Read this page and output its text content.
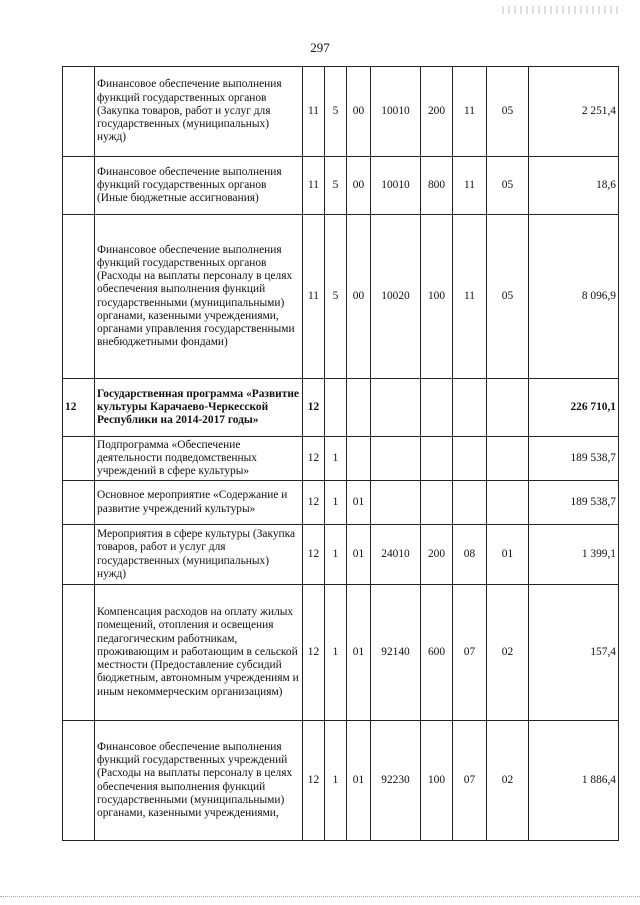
297
	Финансовое обеспечение выполнения функций государственных органов (Закупка товаров, работ и услуг для государственных (муниципальных) нужд)	11	5	00	10010	200	11	05	2 251,4
	Финансовое обеспечение выполнения функций государственных органов (Иные бюджетные ассигнования)	11	5	00	10010	800	11	05	18,6
	Финансовое обеспечение выполнения функций государственных органов (Расходы на выплаты персоналу в целях обеспечения выполнения функций государственными (муниципальными) органами, казенными учреждениями, органами управления государственными внебюджетными фондами)	11	5	00	10020	100	11	05	8 096,9
12	Государственная программа «Развитие культуры Карачаево-Черкесской Республики на 2014-2017 годы»	12							226 710,1
	Подпрограмма «Обеспечение деятельности подведомственных учреждений в сфере культуры»	12	1						189 538,7
	Основное мероприятие «Содержание и развитие учреждений культуры»	12	1	01					189 538,7
	Мероприятия в сфере культуры (Закупка товаров, работ и услуг для государственных (муниципальных) нужд)	12	1	01	24010	200	08	01	1 399,1
	Компенсация расходов на оплату жилых помещений, отопления и освещения педагогическим работникам, проживающим и работающим в сельской местности (Предоставление субсидий бюджетным, автономным учреждениям и иным некоммерческим организациям)	12	1	01	92140	600	07	02	157,4
	Финансовое обеспечение выполнения функций государственных учреждений (Расходы на выплаты персоналу в целях обеспечения выполнения функций государственными (муниципальными) органами, казенными учреждениями,	12	1	01	92230	100	07	02	1 886,4
